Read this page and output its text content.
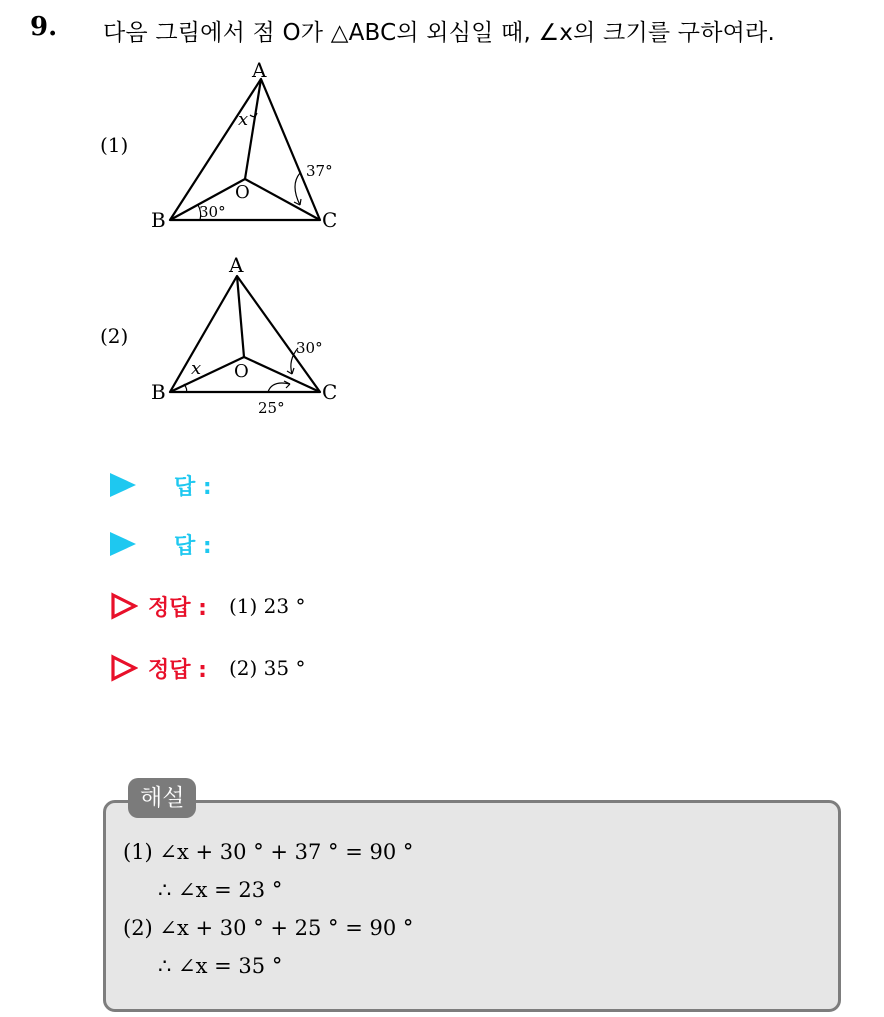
9. 다음 그림에서 점 O가 △ABC의 외심일 때, ∠x의 크기를 구하여라.
(1)
A
B	C
O
x
30°
37°
(2)
A
B	C
O
x
30°
25°
답 :
답 :
정답 : (1) 23 °
정답 : (2) 35 °
해설
(1) ∠x + 30 ° + 37 ° = 90 °
∴ ∠x = 23 °
(2) ∠x + 30 ° + 25 ° = 90 °
∴ ∠x = 35 °
